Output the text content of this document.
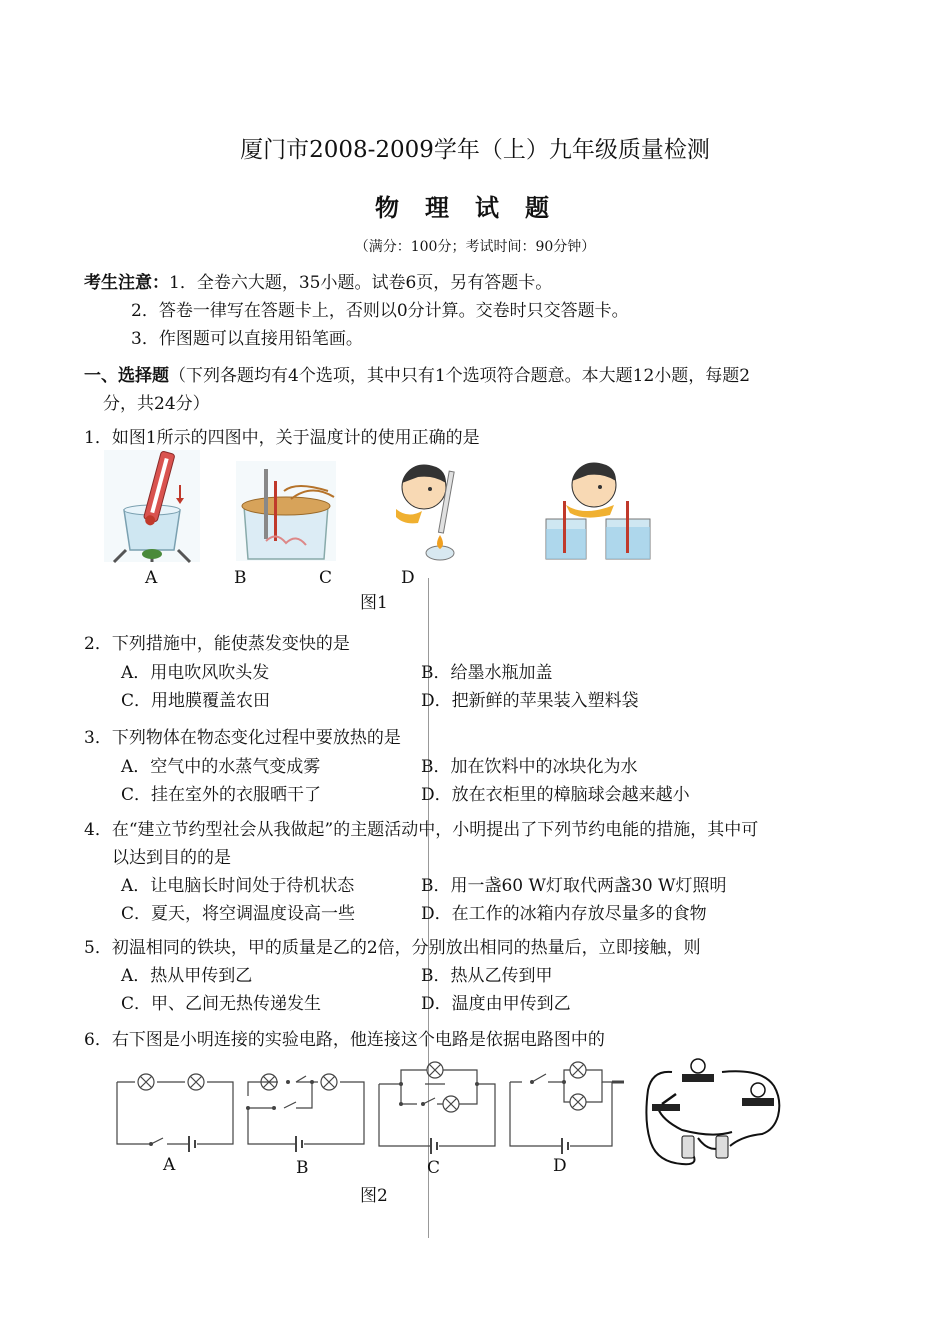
厦门市2008-2009学年（上）九年级质量检测
物理试题
（满分：100分；考试时间：90分钟）
考生注意：1．全卷六大题，35小题。试卷6页，另有答题卡。
2．答卷一律写在答题卡上，否则以0分计算。交卷时只交答题卡。
3．作图题可以直接用铅笔画。
一、选择题（下列各题均有4个选项，其中只有1个选项符合题意。本大题12小题，每题2
分，共24分）
1．如图1所示的四图中，关于温度计的使用正确的是
A	B	C	D
图1
2．下列措施中，能使蒸发变快的是
A．用电吹风吹头发	B．给墨水瓶加盖
C．用地膜覆盖农田	D．把新鲜的苹果装入塑料袋
3．下列物体在物态变化过程中要放热的是
A．空气中的水蒸气变成雾	B．加在饮料中的冰块化为水
C．挂在室外的衣服晒干了	D．放在衣柜里的樟脑球会越来越小
4．在“建立节约型社会从我做起”的主题活动中，小明提出了下列节约电能的措施，其中可
以达到目的的是
A．让电脑长时间处于待机状态	B．用一盏60 W灯取代两盏30 W灯照明
C．夏天，将空调温度设高一些	D．在工作的冰箱内存放尽量多的食物
5．初温相同的铁块，甲的质量是乙的2倍，分别放出相同的热量后，立即接触，则
A．热从甲传到乙	B．热从乙传到甲
C．甲、乙间无热传递发生	D．温度由甲传到乙
6．右下图是小明连接的实验电路，他连接这个电路是依据电路图中的
A	B	C	D
图2
